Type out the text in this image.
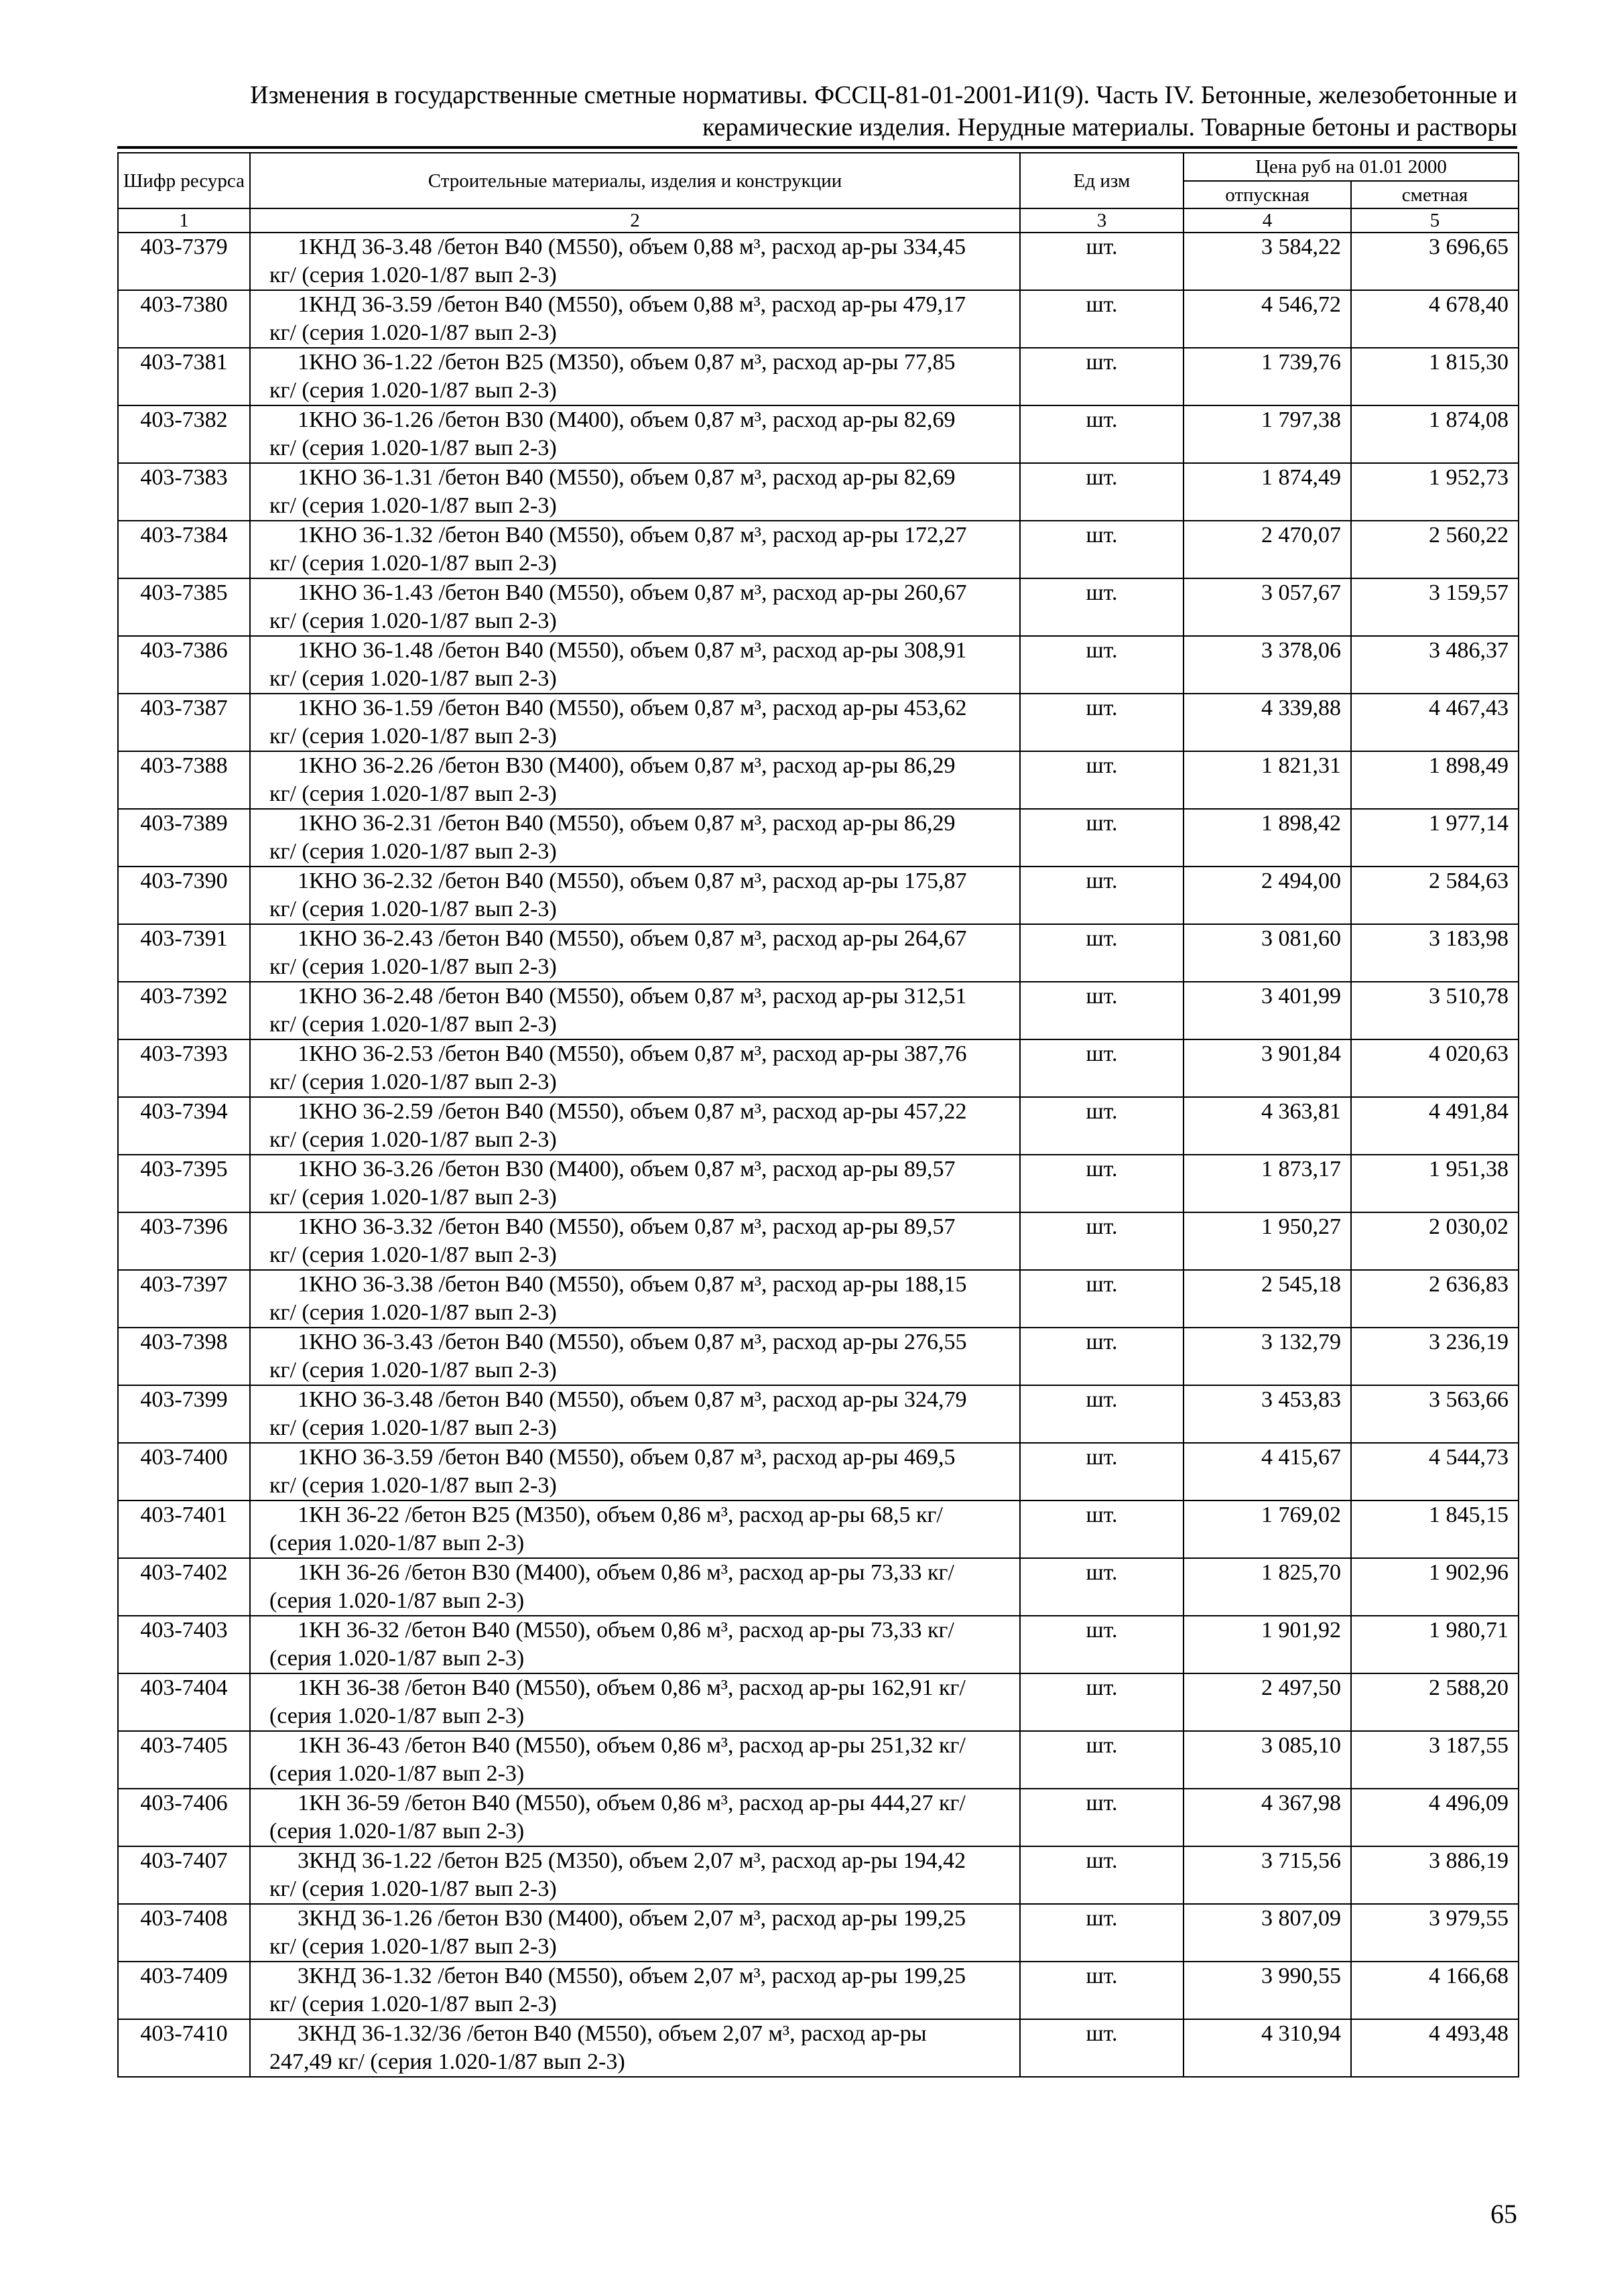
Изменения в государственные сметные нормативы. ФССЦ-81-01-2001-И1(9). Часть IV. Бетонные, железобетонные и
керамические изделия. Нерудные материалы. Товарные бетоны и растворы
Шифр ресурса	Строительные материалы, изделия и конструкции	Ед изм	Цена руб на 01.01 2000	
			отпускная	сметная
1	2	3	4	5
403-7379	1КНД 36-3.48 /бетон В40 (М550), объем 0,88 м³, расход ар-ры 334,45
кг/ (серия 1.020-1/87 вып 2-3)	шт.	3 584,22	3 696,65
403-7380	1КНД 36-3.59 /бетон В40 (М550), объем 0,88 м³, расход ар-ры 479,17
кг/ (серия 1.020-1/87 вып 2-3)	шт.	4 546,72	4 678,40
403-7381	1КНО 36-1.22 /бетон В25 (М350), объем 0,87 м³, расход ар-ры 77,85
кг/ (серия 1.020-1/87 вып 2-3)	шт.	1 739,76	1 815,30
403-7382	1КНО 36-1.26 /бетон В30 (М400), объем 0,87 м³, расход ар-ры 82,69
кг/ (серия 1.020-1/87 вып 2-3)	шт.	1 797,38	1 874,08
403-7383	1КНО 36-1.31 /бетон В40 (М550), объем 0,87 м³, расход ар-ры 82,69
кг/ (серия 1.020-1/87 вып 2-3)	шт.	1 874,49	1 952,73
403-7384	1КНО 36-1.32 /бетон В40 (М550), объем 0,87 м³, расход ар-ры 172,27
кг/ (серия 1.020-1/87 вып 2-3)	шт.	2 470,07	2 560,22
403-7385	1КНО 36-1.43 /бетон В40 (М550), объем 0,87 м³, расход ар-ры 260,67
кг/ (серия 1.020-1/87 вып 2-3)	шт.	3 057,67	3 159,57
403-7386	1КНО 36-1.48 /бетон В40 (М550), объем 0,87 м³, расход ар-ры 308,91
кг/ (серия 1.020-1/87 вып 2-3)	шт.	3 378,06	3 486,37
403-7387	1КНО 36-1.59 /бетон В40 (М550), объем 0,87 м³, расход ар-ры 453,62
кг/ (серия 1.020-1/87 вып 2-3)	шт.	4 339,88	4 467,43
403-7388	1КНО 36-2.26 /бетон В30 (М400), объем 0,87 м³, расход ар-ры 86,29
кг/ (серия 1.020-1/87 вып 2-3)	шт.	1 821,31	1 898,49
403-7389	1КНО 36-2.31 /бетон В40 (М550), объем 0,87 м³, расход ар-ры 86,29
кг/ (серия 1.020-1/87 вып 2-3)	шт.	1 898,42	1 977,14
403-7390	1КНО 36-2.32 /бетон В40 (М550), объем 0,87 м³, расход ар-ры 175,87
кг/ (серия 1.020-1/87 вып 2-3)	шт.	2 494,00	2 584,63
403-7391	1КНО 36-2.43 /бетон В40 (М550), объем 0,87 м³, расход ар-ры 264,67
кг/ (серия 1.020-1/87 вып 2-3)	шт.	3 081,60	3 183,98
403-7392	1КНО 36-2.48 /бетон В40 (М550), объем 0,87 м³, расход ар-ры 312,51
кг/ (серия 1.020-1/87 вып 2-3)	шт.	3 401,99	3 510,78
403-7393	1КНО 36-2.53 /бетон В40 (М550), объем 0,87 м³, расход ар-ры 387,76
кг/ (серия 1.020-1/87 вып 2-3)	шт.	3 901,84	4 020,63
403-7394	1КНО 36-2.59 /бетон В40 (М550), объем 0,87 м³, расход ар-ры 457,22
кг/ (серия 1.020-1/87 вып 2-3)	шт.	4 363,81	4 491,84
403-7395	1КНО 36-3.26 /бетон В30 (М400), объем 0,87 м³, расход ар-ры 89,57
кг/ (серия 1.020-1/87 вып 2-3)	шт.	1 873,17	1 951,38
403-7396	1КНО 36-3.32 /бетон В40 (М550), объем 0,87 м³, расход ар-ры 89,57
кг/ (серия 1.020-1/87 вып 2-3)	шт.	1 950,27	2 030,02
403-7397	1КНО 36-3.38 /бетон В40 (М550), объем 0,87 м³, расход ар-ры 188,15
кг/ (серия 1.020-1/87 вып 2-3)	шт.	2 545,18	2 636,83
403-7398	1КНО 36-3.43 /бетон В40 (М550), объем 0,87 м³, расход ар-ры 276,55
кг/ (серия 1.020-1/87 вып 2-3)	шт.	3 132,79	3 236,19
403-7399	1КНО 36-3.48 /бетон В40 (М550), объем 0,87 м³, расход ар-ры 324,79
кг/ (серия 1.020-1/87 вып 2-3)	шт.	3 453,83	3 563,66
403-7400	1КНО 36-3.59 /бетон В40 (М550), объем 0,87 м³, расход ар-ры 469,5
кг/ (серия 1.020-1/87 вып 2-3)	шт.	4 415,67	4 544,73
403-7401	1КН 36-22 /бетон В25 (М350), объем 0,86 м³, расход ар-ры 68,5 кг/
(серия 1.020-1/87 вып 2-3)	шт.	1 769,02	1 845,15
403-7402	1КН 36-26 /бетон В30 (М400), объем 0,86 м³, расход ар-ры 73,33 кг/
(серия 1.020-1/87 вып 2-3)	шт.	1 825,70	1 902,96
403-7403	1КН 36-32 /бетон В40 (М550), объем 0,86 м³, расход ар-ры 73,33 кг/
(серия 1.020-1/87 вып 2-3)	шт.	1 901,92	1 980,71
403-7404	1КН 36-38 /бетон В40 (М550), объем 0,86 м³, расход ар-ры 162,91 кг/
(серия 1.020-1/87 вып 2-3)	шт.	2 497,50	2 588,20
403-7405	1КН 36-43 /бетон В40 (М550), объем 0,86 м³, расход ар-ры 251,32 кг/
(серия 1.020-1/87 вып 2-3)	шт.	3 085,10	3 187,55
403-7406	1КН 36-59 /бетон В40 (М550), объем 0,86 м³, расход ар-ры 444,27 кг/
(серия 1.020-1/87 вып 2-3)	шт.	4 367,98	4 496,09
403-7407	3КНД 36-1.22 /бетон В25 (М350), объем 2,07 м³, расход ар-ры 194,42
кг/ (серия 1.020-1/87 вып 2-3)	шт.	3 715,56	3 886,19
403-7408	3КНД 36-1.26 /бетон В30 (М400), объем 2,07 м³, расход ар-ры 199,25
кг/ (серия 1.020-1/87 вып 2-3)	шт.	3 807,09	3 979,55
403-7409	3КНД 36-1.32 /бетон В40 (М550), объем 2,07 м³, расход ар-ры 199,25
кг/ (серия 1.020-1/87 вып 2-3)	шт.	3 990,55	4 166,68
403-7410	3КНД 36-1.32/36 /бетон В40 (М550), объем 2,07 м³, расход ар-ры
247,49 кг/ (серия 1.020-1/87 вып 2-3)	шт.	4 310,94	4 493,48
65
